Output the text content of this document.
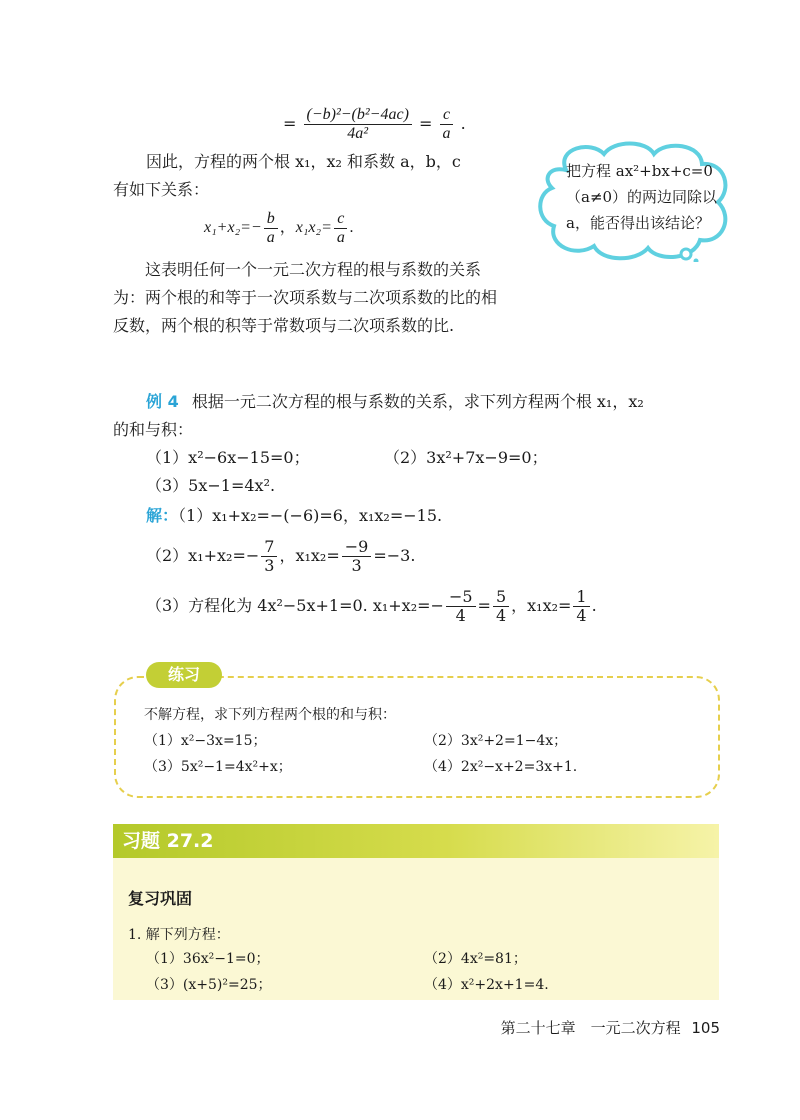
= $\frac{\text{(−b)²−(b²−4ac)}}{\text{4a²}} = \frac{c}{a}$ .
因此，方程的两个根 x₁，x₂ 和系数 a，b，c
有如下关系：
$x_1+x_2=- \frac{b}{a}$ ，$x_1x_2= \frac{c}{a}$ .

这表明任何一个一元二次方程的根与系数的关系为：两个根的和等于一次项系数与二次项系数的比的相反数，两个根的积等于常数项与二次项系数的比.

把方程 ax²+bx+c=0（a≠0）的两边同除以 a，能否得出该结论？
例 4 根据一元二次方程的根与系数的关系，求下列方程两个根 x₁，x₂
的和与积：
（1）x²−6x−15=0；	（2）3x²+7x−9=0；
（3）5x−1=4x².
解：（1）x₁+x₂=−(−6)=6，x₁x₂=−15.
$(2)x_1+x_2=- \frac{7}{3}$ ，$x_1x_2= \frac{-9}{3} =-3$.
（3）方程化为 4x²−5x+1=0. $x_1+x_2=- \frac{-5}{4} = \frac{5}{4}$ ，$x_1x_2= \frac{1}{4}$ .
练习
不解方程，求下列方程两个根的和与积：
（1）x²−3x=15；	（2）3x²+2=1−4x；
（3）5x²−1=4x²+x；	（4）2x²−x+2=3x+1.
习题 27.2
复习巩固
1. 解下列方程：
（1）36x²−1=0；	（2）4x²=81；
（3）(x+5)²=25；	（4）x²+2x+1=4.
第二十七章　一元二次方程 105
